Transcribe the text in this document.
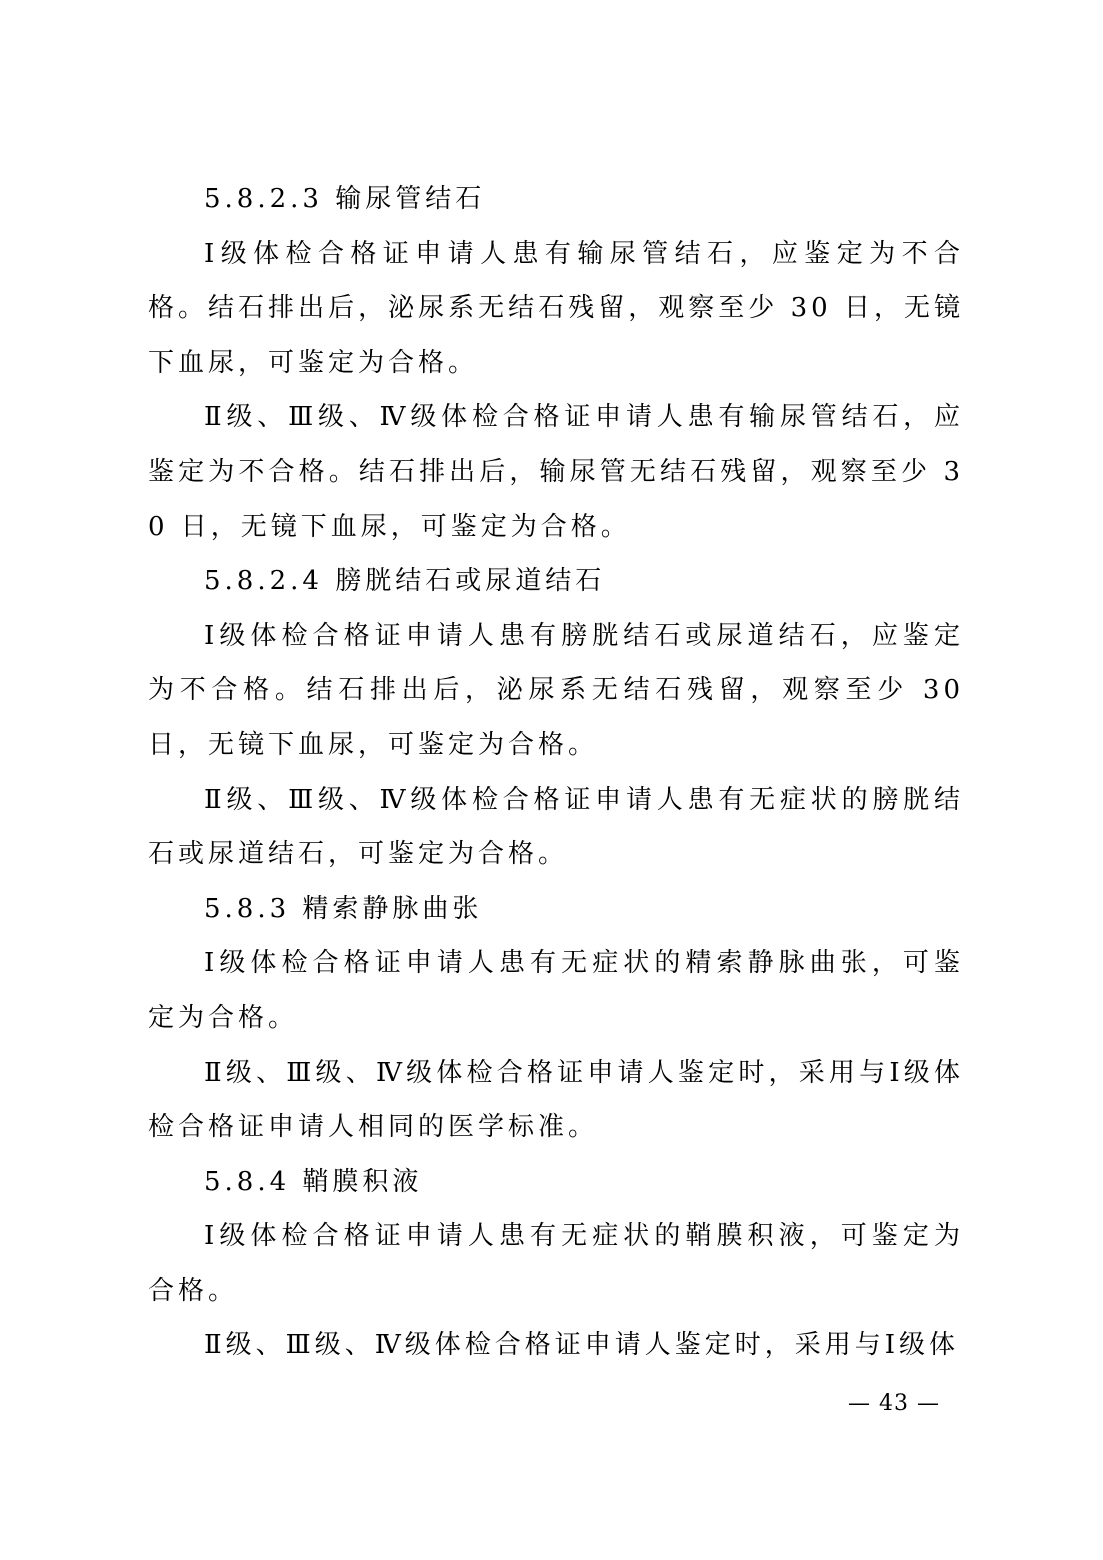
5.8.2.3 输尿管结石

Ⅰ级体检合格证申请人患有输尿管结石，应鉴定为不合格。结石排出后，泌尿系无结石残留，观察至少 30 日，无镜下血尿，可鉴定为合格。

Ⅱ级、Ⅲ级、Ⅳ级体检合格证申请人患有输尿管结石，应鉴定为不合格。结石排出后，输尿管无结石残留，观察至少 30 日，无镜下血尿，可鉴定为合格。

5.8.2.4 膀胱结石或尿道结石

Ⅰ级体检合格证申请人患有膀胱结石或尿道结石，应鉴定为不合格。结石排出后，泌尿系无结石残留，观察至少 30 日，无镜下血尿，可鉴定为合格。

Ⅱ级、Ⅲ级、Ⅳ级体检合格证申请人患有无症状的膀胱结石或尿道结石，可鉴定为合格。

5.8.3 精索静脉曲张

Ⅰ级体检合格证申请人患有无症状的精索静脉曲张，可鉴定为合格。

Ⅱ级、Ⅲ级、Ⅳ级体检合格证申请人鉴定时，采用与Ⅰ级体检合格证申请人相同的医学标准。

5.8.4 鞘膜积液

Ⅰ级体检合格证申请人患有无症状的鞘膜积液，可鉴定为合格。

Ⅱ级、Ⅲ级、Ⅳ级体检合格证申请人鉴定时，采用与Ⅰ级体

— 43 —
